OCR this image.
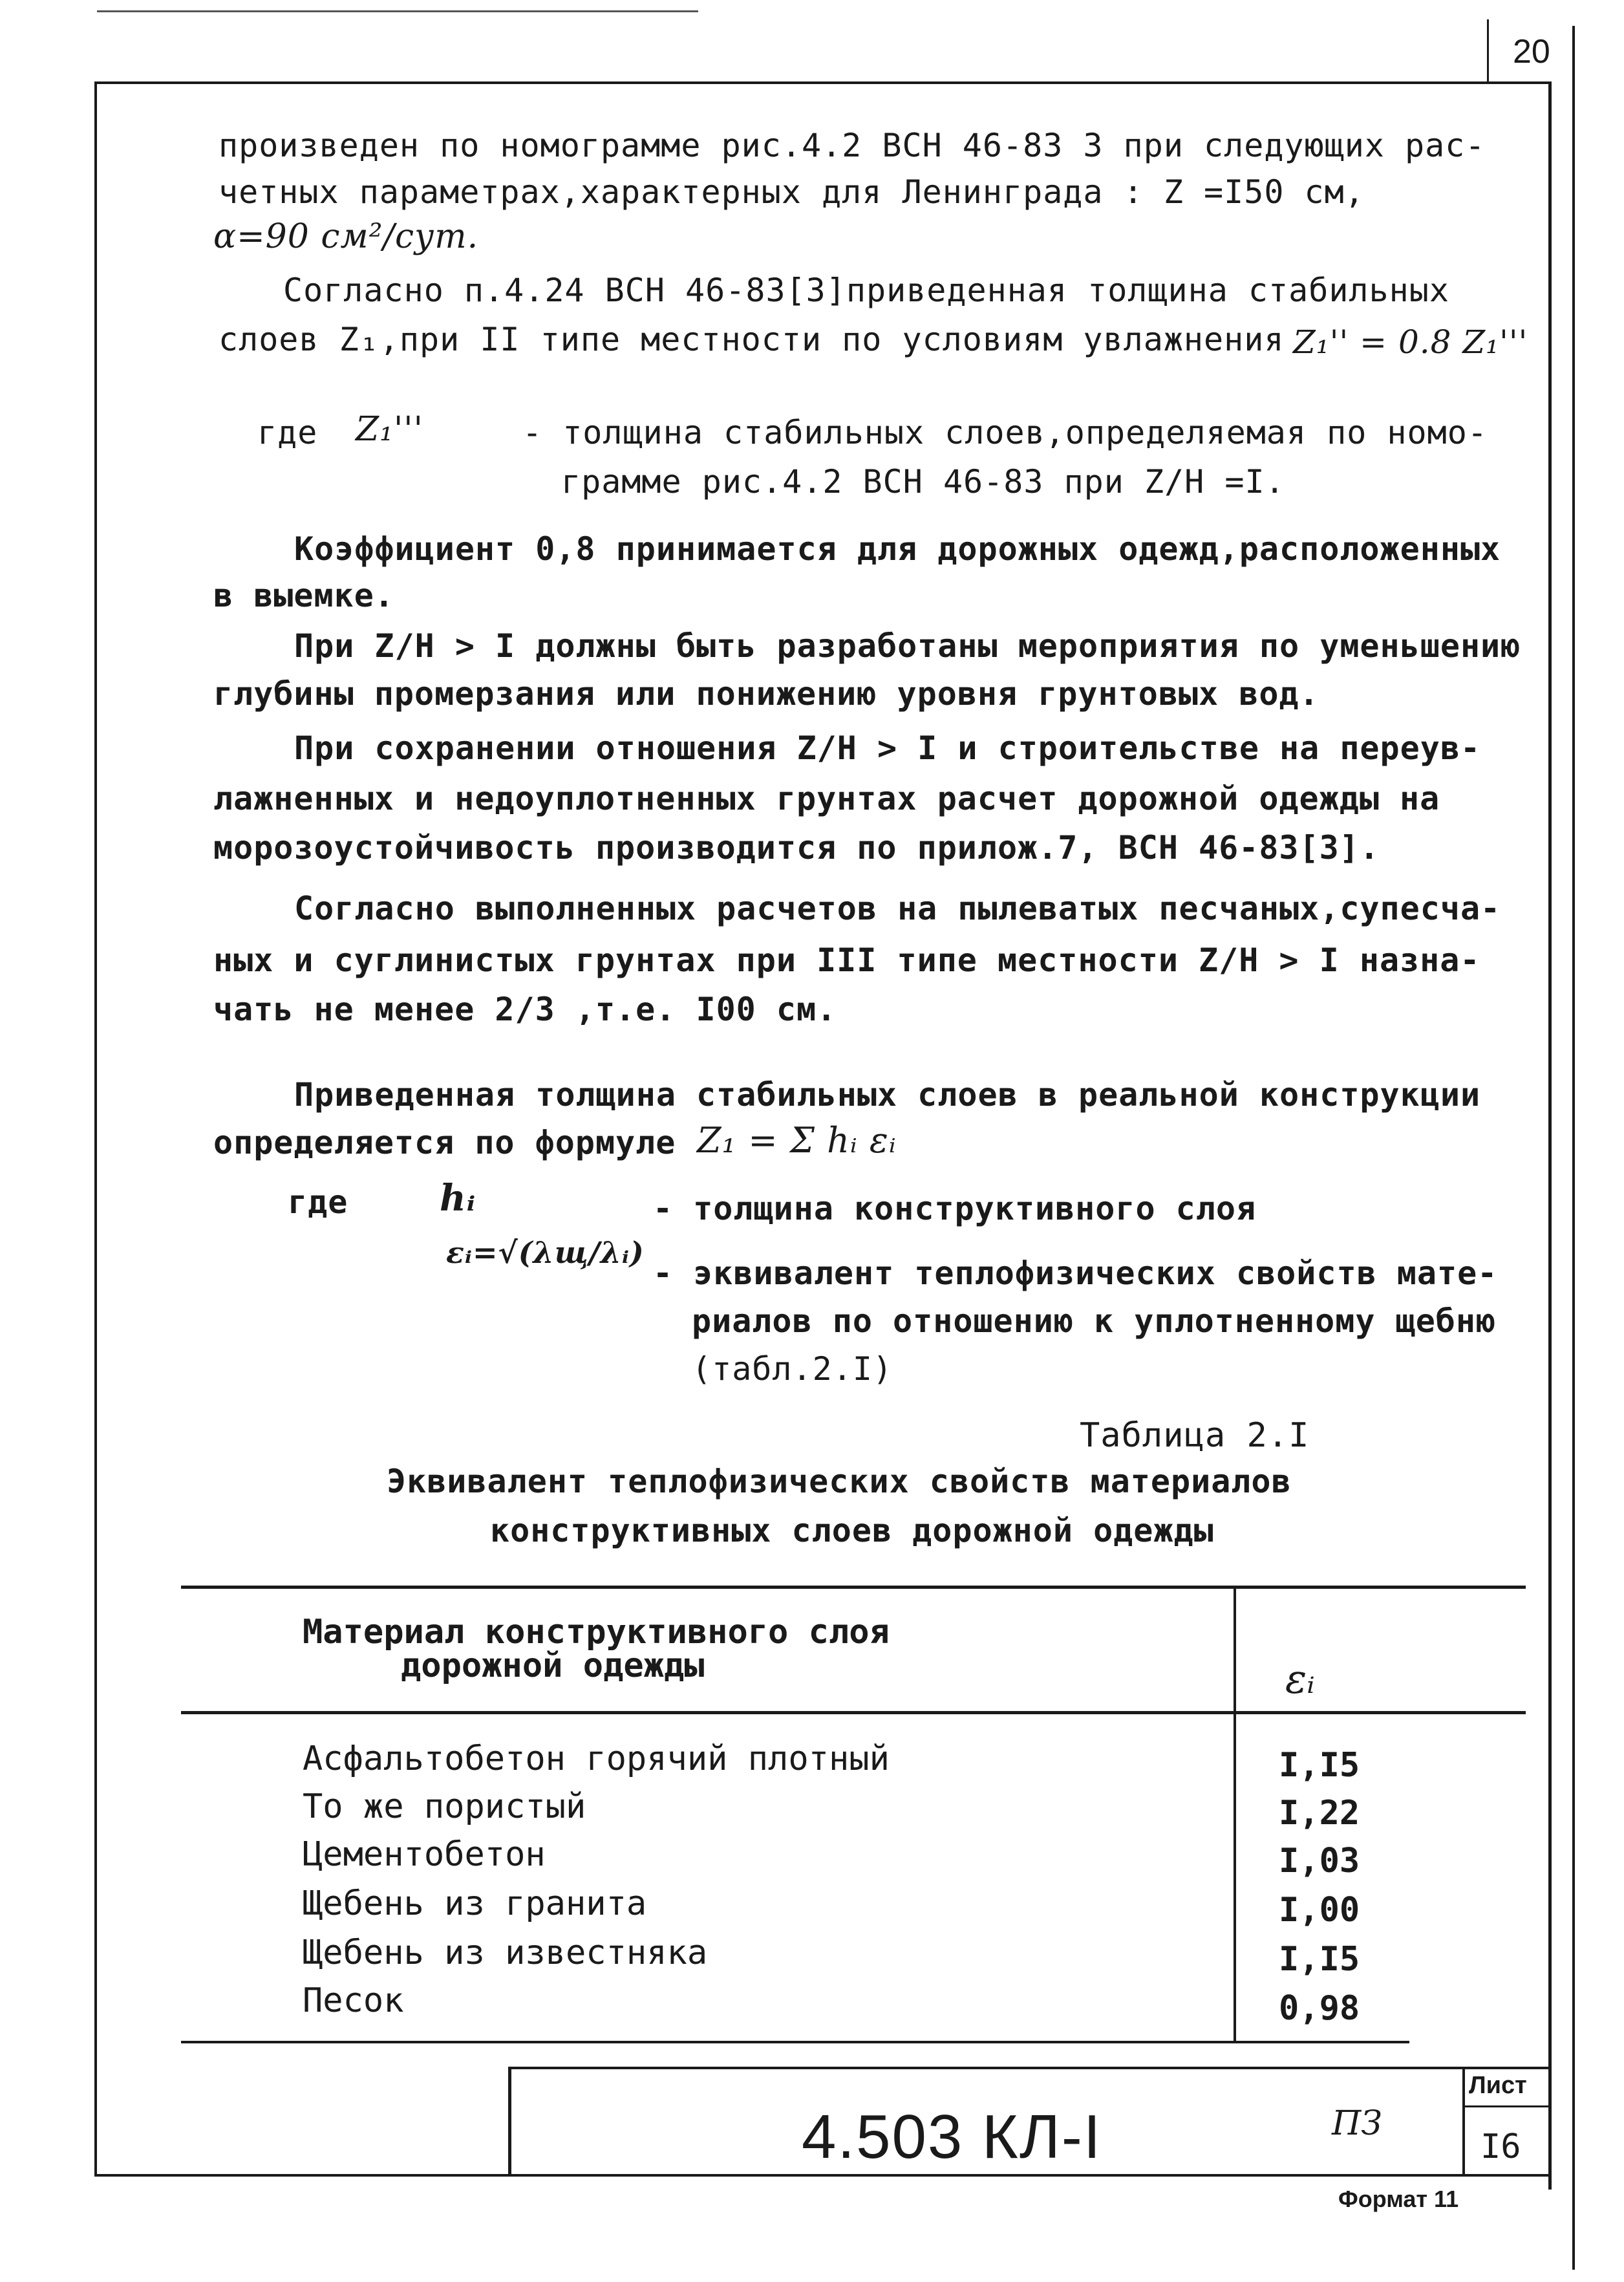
20
произведен по номограмме рис.4.2 ВСН 46-83 3 при следующих рас-
четных параметрах,характерных для Ленинграда : Z =I50 см,
α=90 см²/сут.
Согласно п.4.24 ВСН 46-83[3]приведенная толщина стабильных
слоев Z₁,при II типе местности по условиям увлажнения Z₁'' = 0.8 Z₁'''
где Z₁'''	- толщина стабильных слоев,определяемая по номо-
грамме рис.4.2 ВСН 46-83 при Z/H =I.
Коэффициент 0,8 принимается для дорожных одежд,расположенных
в выемке.
При Z/H > I должны быть разработаны мероприятия по уменьшению
глубины промерзания или понижению уровня грунтовых вод.
При сохранении отношения Z/H > I и строительстве на переув-
лажненных и недоуплотненных грунтах расчет дорожной одежды на
морозоустойчивость производится по прилож.7, ВСН 46-83[3].
Согласно выполненных расчетов на пылеватых песчаных,супесча-
ных и суглинистых грунтах при III типе местности Z/H > I назна-
чать не менее 2/3 ,т.е. I00 см.
Приведенная толщина стабильных слоев в реальной конструкции
определяется по формуле Z₁ = Σ hᵢ εᵢ
где	hᵢ	- толщина конструктивного слоя
εᵢ=√(λщ/λᵢ)
- эквивалент теплофизических свойств мате-
риалов по отношению к уплотненному щебню
(табл.2.I)
Таблица 2.I
Эквивалент теплофизических свойств материалов
конструктивных слоев дорожной одежды
Материал конструктивного слоя
дорожной одежды	εᵢ
Асфальтобетон горячий плотный	I,I5
То же пористый	I,22
Цементобетон	I,03
Щебень из гранита	I,00
Щебень из известняка	I,I5
Песок	0,98
4.503 КЛ-I	ПЗ
Лист
I6
Формат 11
